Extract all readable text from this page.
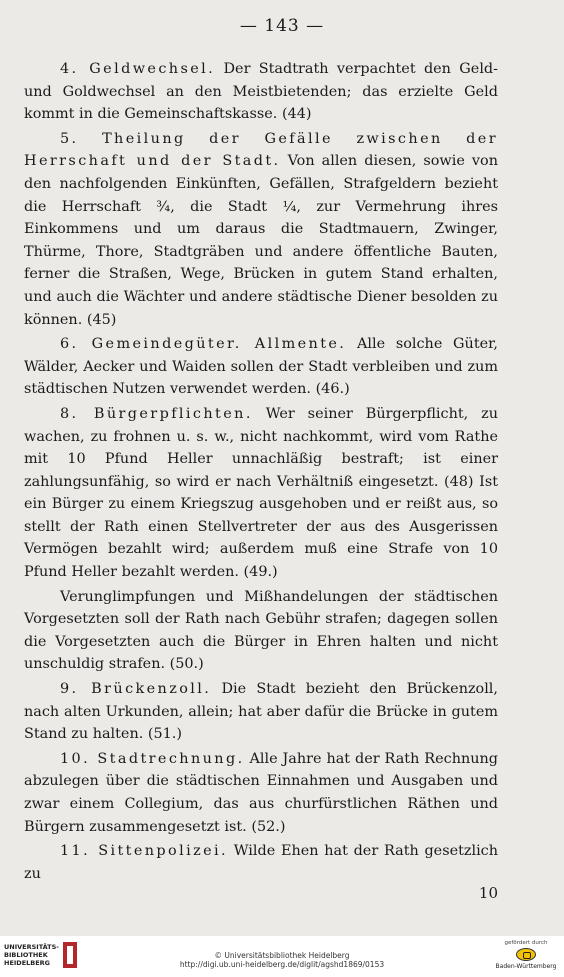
— 143 —

4. Geldwechsel. Der Stadtrath verpachtet den Geld- und Goldwechsel an den Meistbietenden; das erzielte Geld kommt in die Gemeinschaftskasse. (44)

5. Theilung der Gefälle zwischen der Herrschaft und der Stadt. Von allen diesen, sowie von den nachfolgenden Einkünften, Gefällen, Strafgeldern bezieht die Herrschaft ¾, die Stadt ¼, zur Vermehrung ihres Einkommens und um daraus die Stadtmauern, Zwinger, Thürme, Thore, Stadtgräben und andere öffentliche Bauten, ferner die Straßen, Wege, Brücken in gutem Stand erhalten, und auch die Wächter und andere städtische Diener besolden zu können. (45)

6. Gemeindegüter. Allmente. Alle solche Güter, Wälder, Aecker und Waiden sollen der Stadt verbleiben und zum städtischen Nutzen verwendet werden. (46.)

8. Bürgerpflichten. Wer seiner Bürgerpflicht, zu wachen, zu frohnen u. s. w., nicht nachkommt, wird vom Rathe mit 10 Pfund Heller unnachläßig bestraft; ist einer zahlungsunfähig, so wird er nach Verhältniß eingesetzt. (48) Ist ein Bürger zu einem Kriegszug ausgehoben und er reißt aus, so stellt der Rath einen Stellvertreter der aus des Ausgerissen Vermögen bezahlt wird; außerdem muß eine Strafe von 10 Pfund Heller bezahlt werden. (49.)

Verunglimpfungen und Mißhandelungen der städtischen Vorgesetzten soll der Rath nach Gebühr strafen; dagegen sollen die Vorgesetzten auch die Bürger in Ehren halten und nicht unschuldig strafen. (50.)

9. Brückenzoll. Die Stadt bezieht den Brückenzoll, nach alten Urkunden, allein; hat aber dafür die Brücke in gutem Stand zu halten. (51.)

10. Stadtrechnung. Alle Jahre hat der Rath Rechnung abzulegen über die städtischen Einnahmen und Ausgaben und zwar einem Collegium, das aus churfürstlichen Räthen und Bürgern zusammengesetzt ist. (52.)

11. Sittenpolizei. Wilde Ehen hat der Rath gesetzlich zu

10
UNIVERSITÄTS-
BIBLIOTHEK
HEIDELBERG
© Universitätsbibliothek Heidelberg
http://digi.ub.uni-heidelberg.de/diglit/agshd1869/0153
gefördert durch
Baden-Württemberg
